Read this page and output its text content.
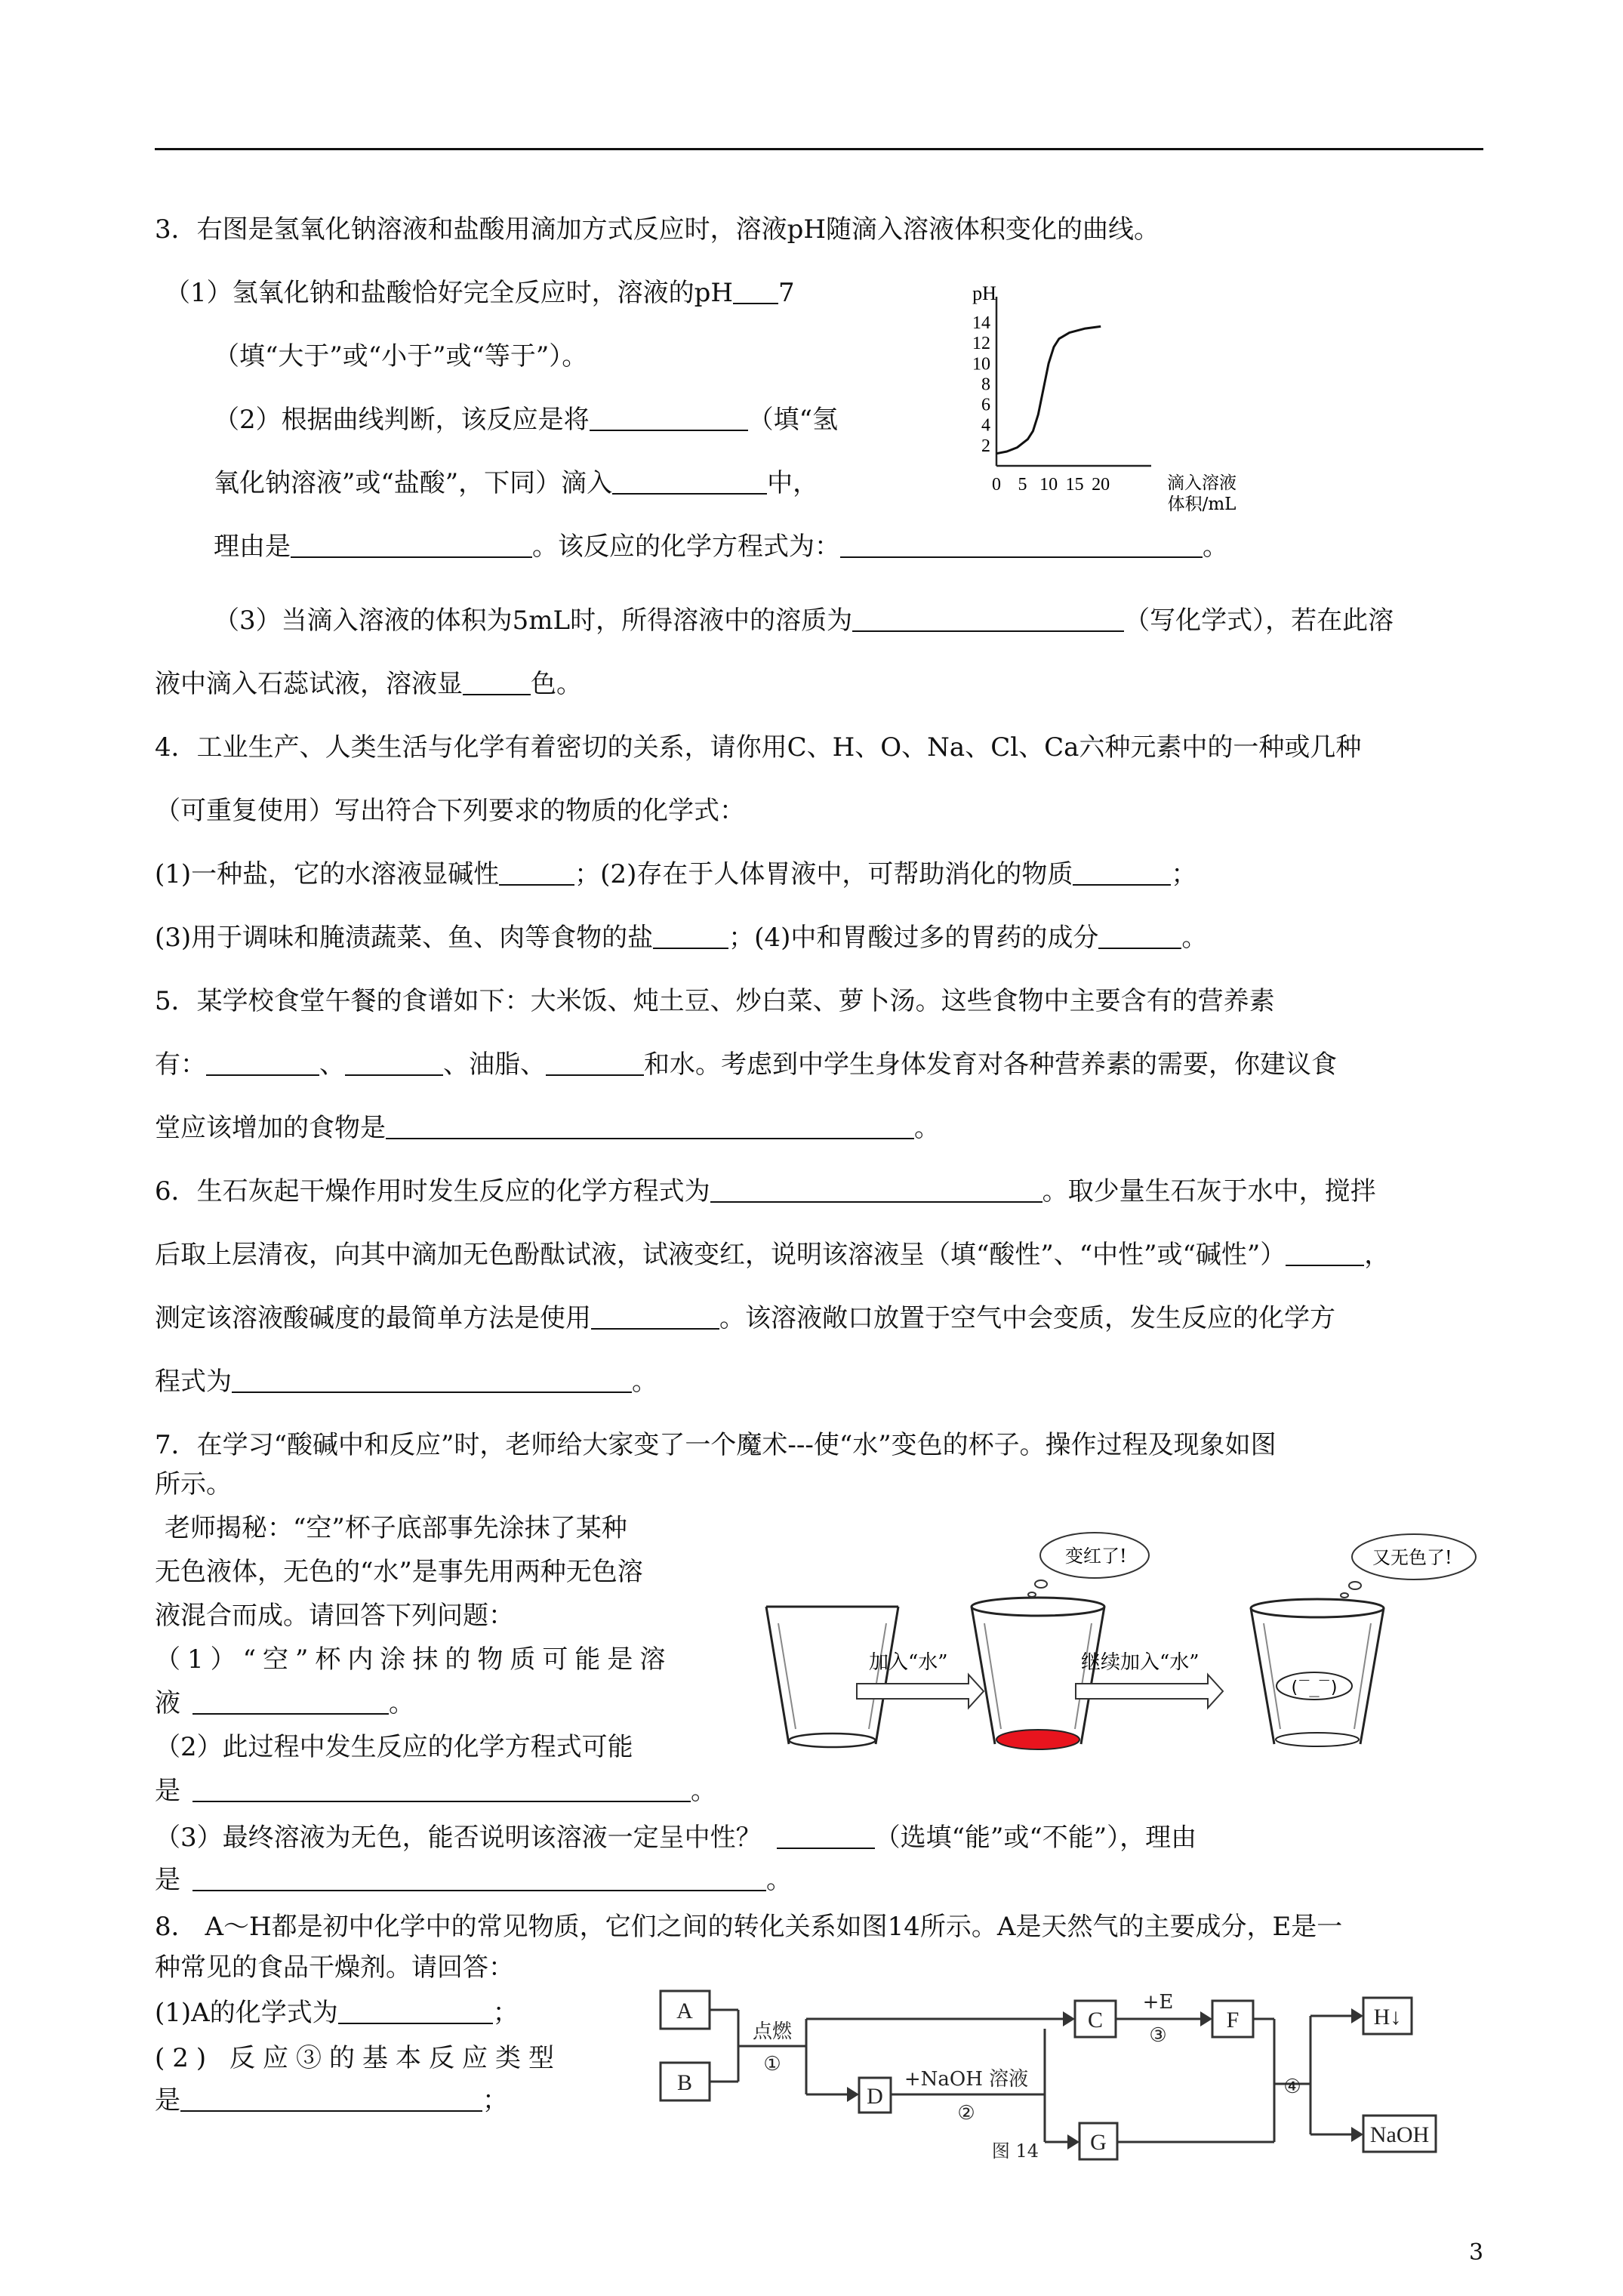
3．右图是氢氧化钠溶液和盐酸用滴加方式反应时，溶液pH随滴入溶液体积变化的曲线。
（1）氢氧化钠和盐酸恰好完全反应时，溶液的pH 7
（填“大于”或“小于”或“等于”）。
（2）根据曲线判断，该反应是将	（填“氢
氧化钠溶液”或“盐酸”，下同）滴入	中，
理由是	。该反应的化学方程式为：	。
（3）当滴入溶液的体积为5mL时，所得溶液中的溶质为	（写化学式），若在此溶
液中滴入石蕊试液，溶液显	色。
pH
14
12
10
8
6
4
2
0 5 10 15 20	滴入溶液
体积/mL
4．工业生产、人类生活与化学有着密切的关系，请你用C、H、O、Na、Cl、Ca六种元素中的一种或几种
（可重复使用）写出符合下列要求的物质的化学式：
(1)一种盐，它的水溶液显碱性	；(2)存在于人体胃液中，可帮助消化的物质	；
(3)用于调味和腌渍蔬菜、鱼、肉等食物的盐	；(4)中和胃酸过多的胃药的成分	。
5．某学校食堂午餐的食谱如下：大米饭、炖土豆、炒白菜、萝卜汤。这些食物中主要含有的营养素
有：	、	、油脂、	和水。考虑到中学生身体发育对各种营养素的需要，你建议食
堂应该增加的食物是	。
6．生石灰起干燥作用时发生反应的化学方程式为	。取少量生石灰于水中，搅拌
后取上层清夜，向其中滴加无色酚酞试液，试液变红，说明该溶液呈（填“酸性”、“中性”或“碱性”）	，
测定该溶液酸碱度的最简单方法是使用	。该溶液敞口放置于空气中会变质，发生反应的化学方
程式为	。
7．在学习“酸碱中和反应”时，老师给大家变了一个魔术---使“水”变色的杯子。操作过程及现象如图
所示。
老师揭秘：“空”杯子底部事先涂抹了某种
无色液体，无色的“水”是事先用两种无色溶
液混合而成。请回答下列问题：
（1）“空”杯内涂抹的物质可能是溶
液	。
（2）此过程中发生反应的化学方程式可能
是	。
（3）最终溶液为无色，能否说明该溶液一定呈中性？	（选填“能”或“不能”），理由
是	。
加入“水”
变红了!
继续加入“水”
(‾_‾)
又无色了!
8． A～H都是初中化学中的常见物质，它们之间的转化关系如图14所示。A是天然气的主要成分，E是一
种常见的食品干燥剂。请回答：
(1)A的化学式为	；
(2) 反应③的基本反应类型
是	；
A
B
D
C	F
G
H↓
NaOH
点燃
①
+NaOH 溶液
②
+E
③
④
图 14
3
